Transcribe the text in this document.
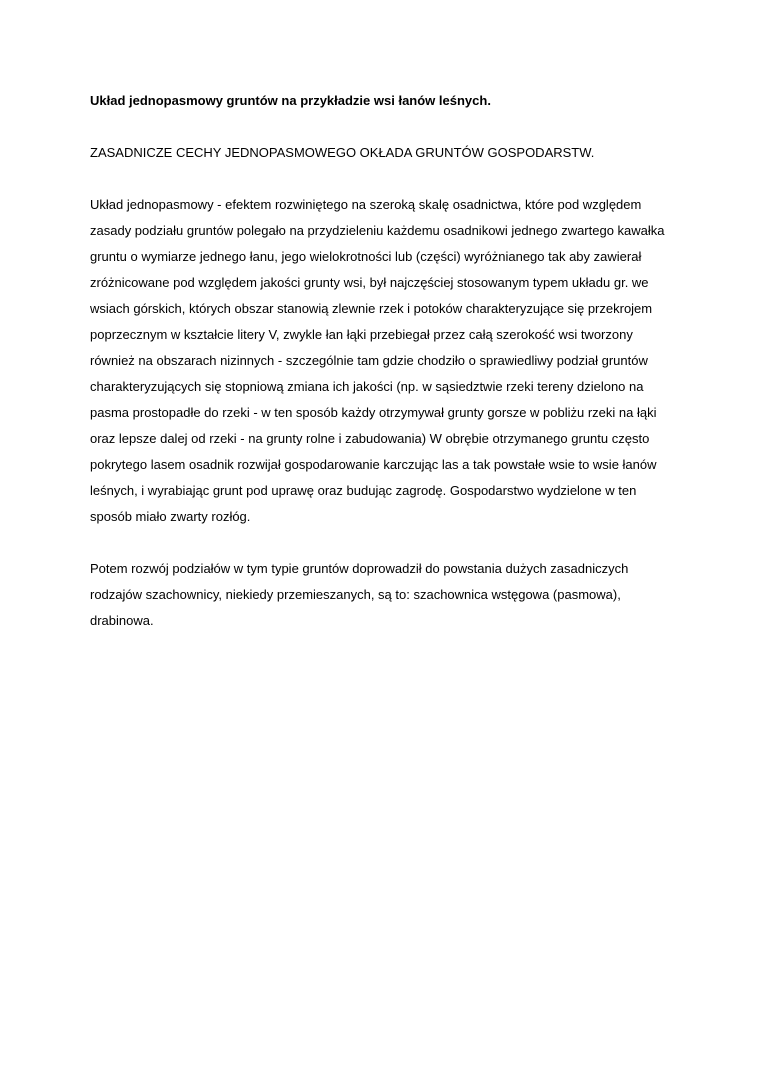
Układ jednopasmowy gruntów na przykładzie wsi łanów leśnych.

ZASADNICZE CECHY JEDNOPASMOWEGO OKŁADA GRUNTÓW GOSPODARSTW.

Układ jednopasmowy - efektem rozwiniętego na szeroką skalę osadnictwa, które pod względem
zasady podziału gruntów polegało na przydzieleniu każdemu osadnikowi jednego zwartego kawałka
gruntu o wymiarze jednego łanu, jego wielokrotności lub (części) wyróżnianego tak aby zawierał
zróżnicowane pod względem jakości grunty wsi, był najczęściej stosowanym typem układu gr. we
wsiach górskich, których obszar stanowią zlewnie rzek i potoków charakteryzujące się przekrojem
poprzecznym w kształcie litery V, zwykle łan łąki przebiegał przez całą szerokość wsi tworzony
również na obszarach nizinnych - szczególnie tam gdzie chodziło o sprawiedliwy podział gruntów
charakteryzujących się stopniową zmiana ich jakości (np. w sąsiedztwie rzeki tereny dzielono na
pasma prostopadłe do rzeki - w ten sposób każdy otrzymywał grunty gorsze w pobliżu rzeki na łąki
oraz lepsze dalej od rzeki - na grunty rolne i zabudowania) W obrębie otrzymanego gruntu często
pokrytego lasem osadnik rozwijał gospodarowanie karczując las a tak powstałe wsie to wsie łanów
leśnych, i wyrabiając grunt pod uprawę oraz budując zagrodę. Gospodarstwo wydzielone w ten
sposób miało zwarty rozłóg.
Potem rozwój podziałów w tym typie gruntów doprowadził do powstania dużych zasadniczych
rodzajów szachownicy, niekiedy przemieszanych, są to: szachownica wstęgowa (pasmowa),
drabinowa.
